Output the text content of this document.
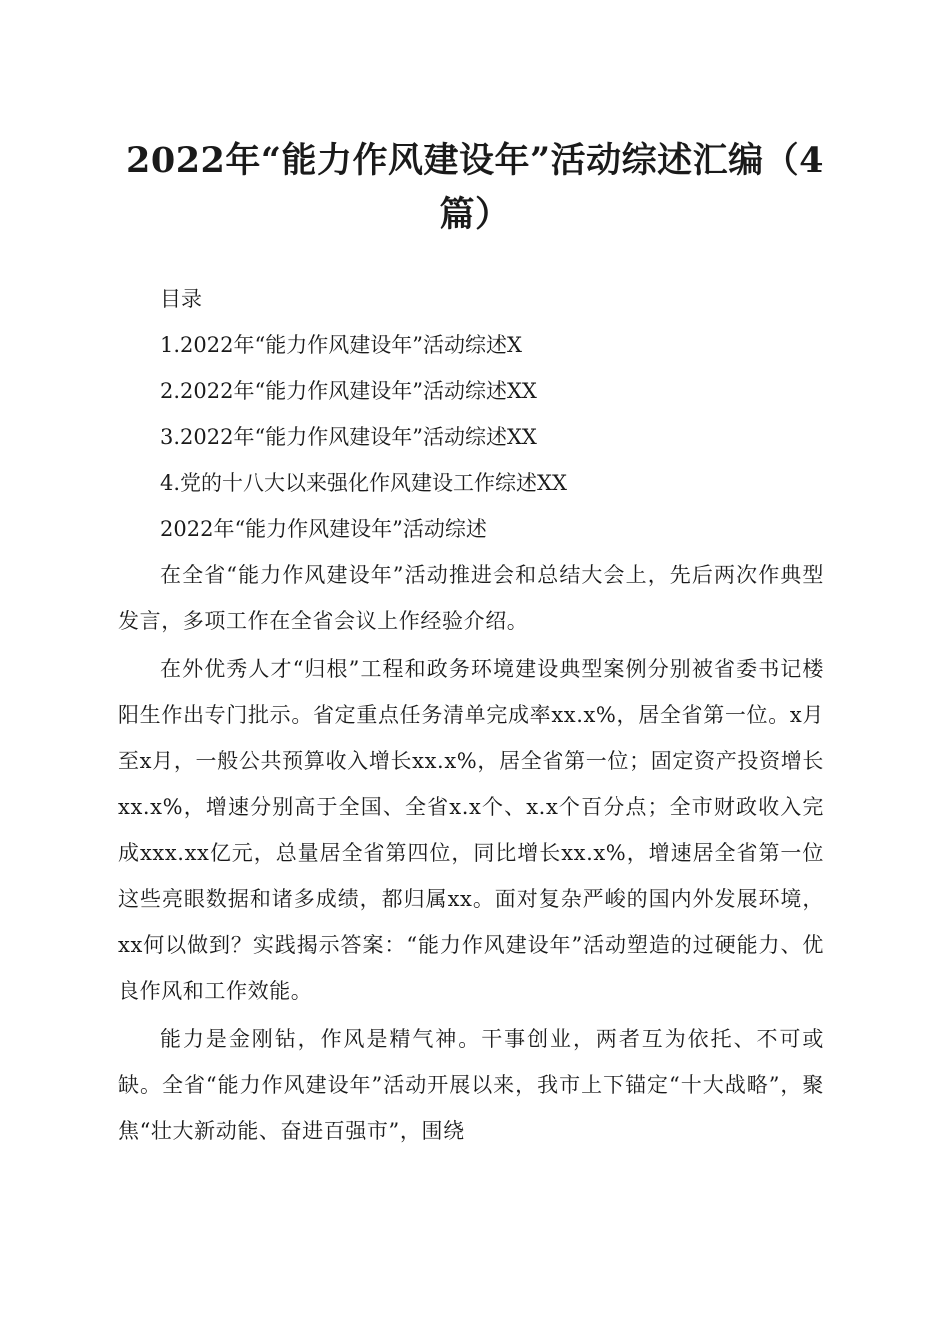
2022年“能力作风建设年”活动综述汇编（4篇）

目录

1.2022年“能力作风建设年”活动综述X

2.2022年“能力作风建设年”活动综述XX

3.2022年“能力作风建设年”活动综述XX

4.党的十八大以来强化作风建设工作综述XX

2022年“能力作风建设年”活动综述

在全省“能力作风建设年”活动推进会和总结大会上，先后两次作典型发言，多项工作在全省会议上作经验介绍。

在外优秀人才“归根”工程和政务环境建设典型案例分别被省委书记楼阳生作出专门批示。省定重点任务清单完成率xx.x%，居全省第一位。x月至x月，一般公共预算收入增长xx.x%，居全省第一位；固定资产投资增长xx.x%，增速分别高于全国、全省x.x个、x.x个百分点；全市财政收入完成xxx.xx亿元，总量居全省第四位，同比增长xx.x%，增速居全省第一位这些亮眼数据和诸多成绩，都归属xx。面对复杂严峻的国内外发展环境，xx何以做到？实践揭示答案：“能力作风建设年”活动塑造的过硬能力、优良作风和工作效能。

能力是金刚钻，作风是精气神。干事创业，两者互为依托、不可或缺。全省“能力作风建设年”活动开展以来，我市上下锚定“十大战略”，聚焦“壮大新动能、奋进百强市”，围绕
